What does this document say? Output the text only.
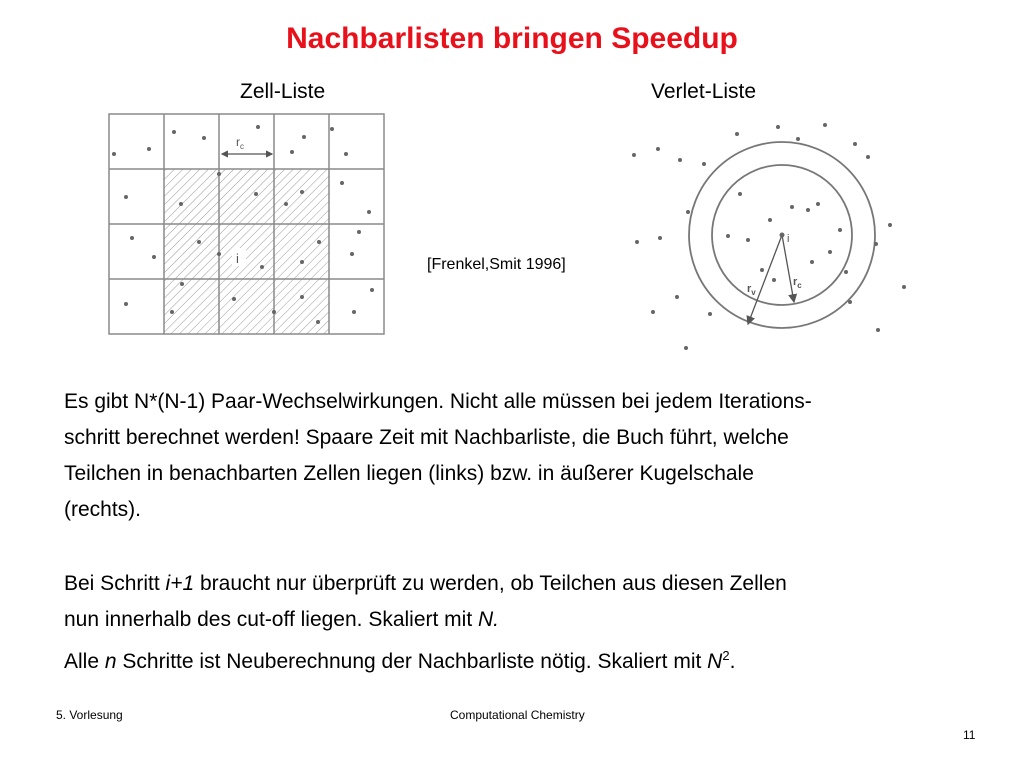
Nachbarlisten bringen Speedup
Zell-Liste	Verlet-Liste
$r_c$
i	[Frenkel,Smit 1996]
i
$r_v$
$r_c$
Es gibt N*(N-1) Paar-Wechselwirkungen. Nicht alle müssen bei jedem Iterations-
schritt berechnet werden! Spaare Zeit mit Nachbarliste, die Buch führt, welche
Teilchen in benachbarten Zellen liegen (links) bzw. in äußerer Kugelschale
(rechts).
Bei Schritt i+1 braucht nur überprüft zu werden, ob Teilchen aus diesen Zellen
nun innerhalb des cut-off liegen. Skaliert mit N.
Alle n Schritte ist Neuberechnung der Nachbarliste nötig. Skaliert mit $N^2$.
5. Vorlesung	Computational Chemistry
11
